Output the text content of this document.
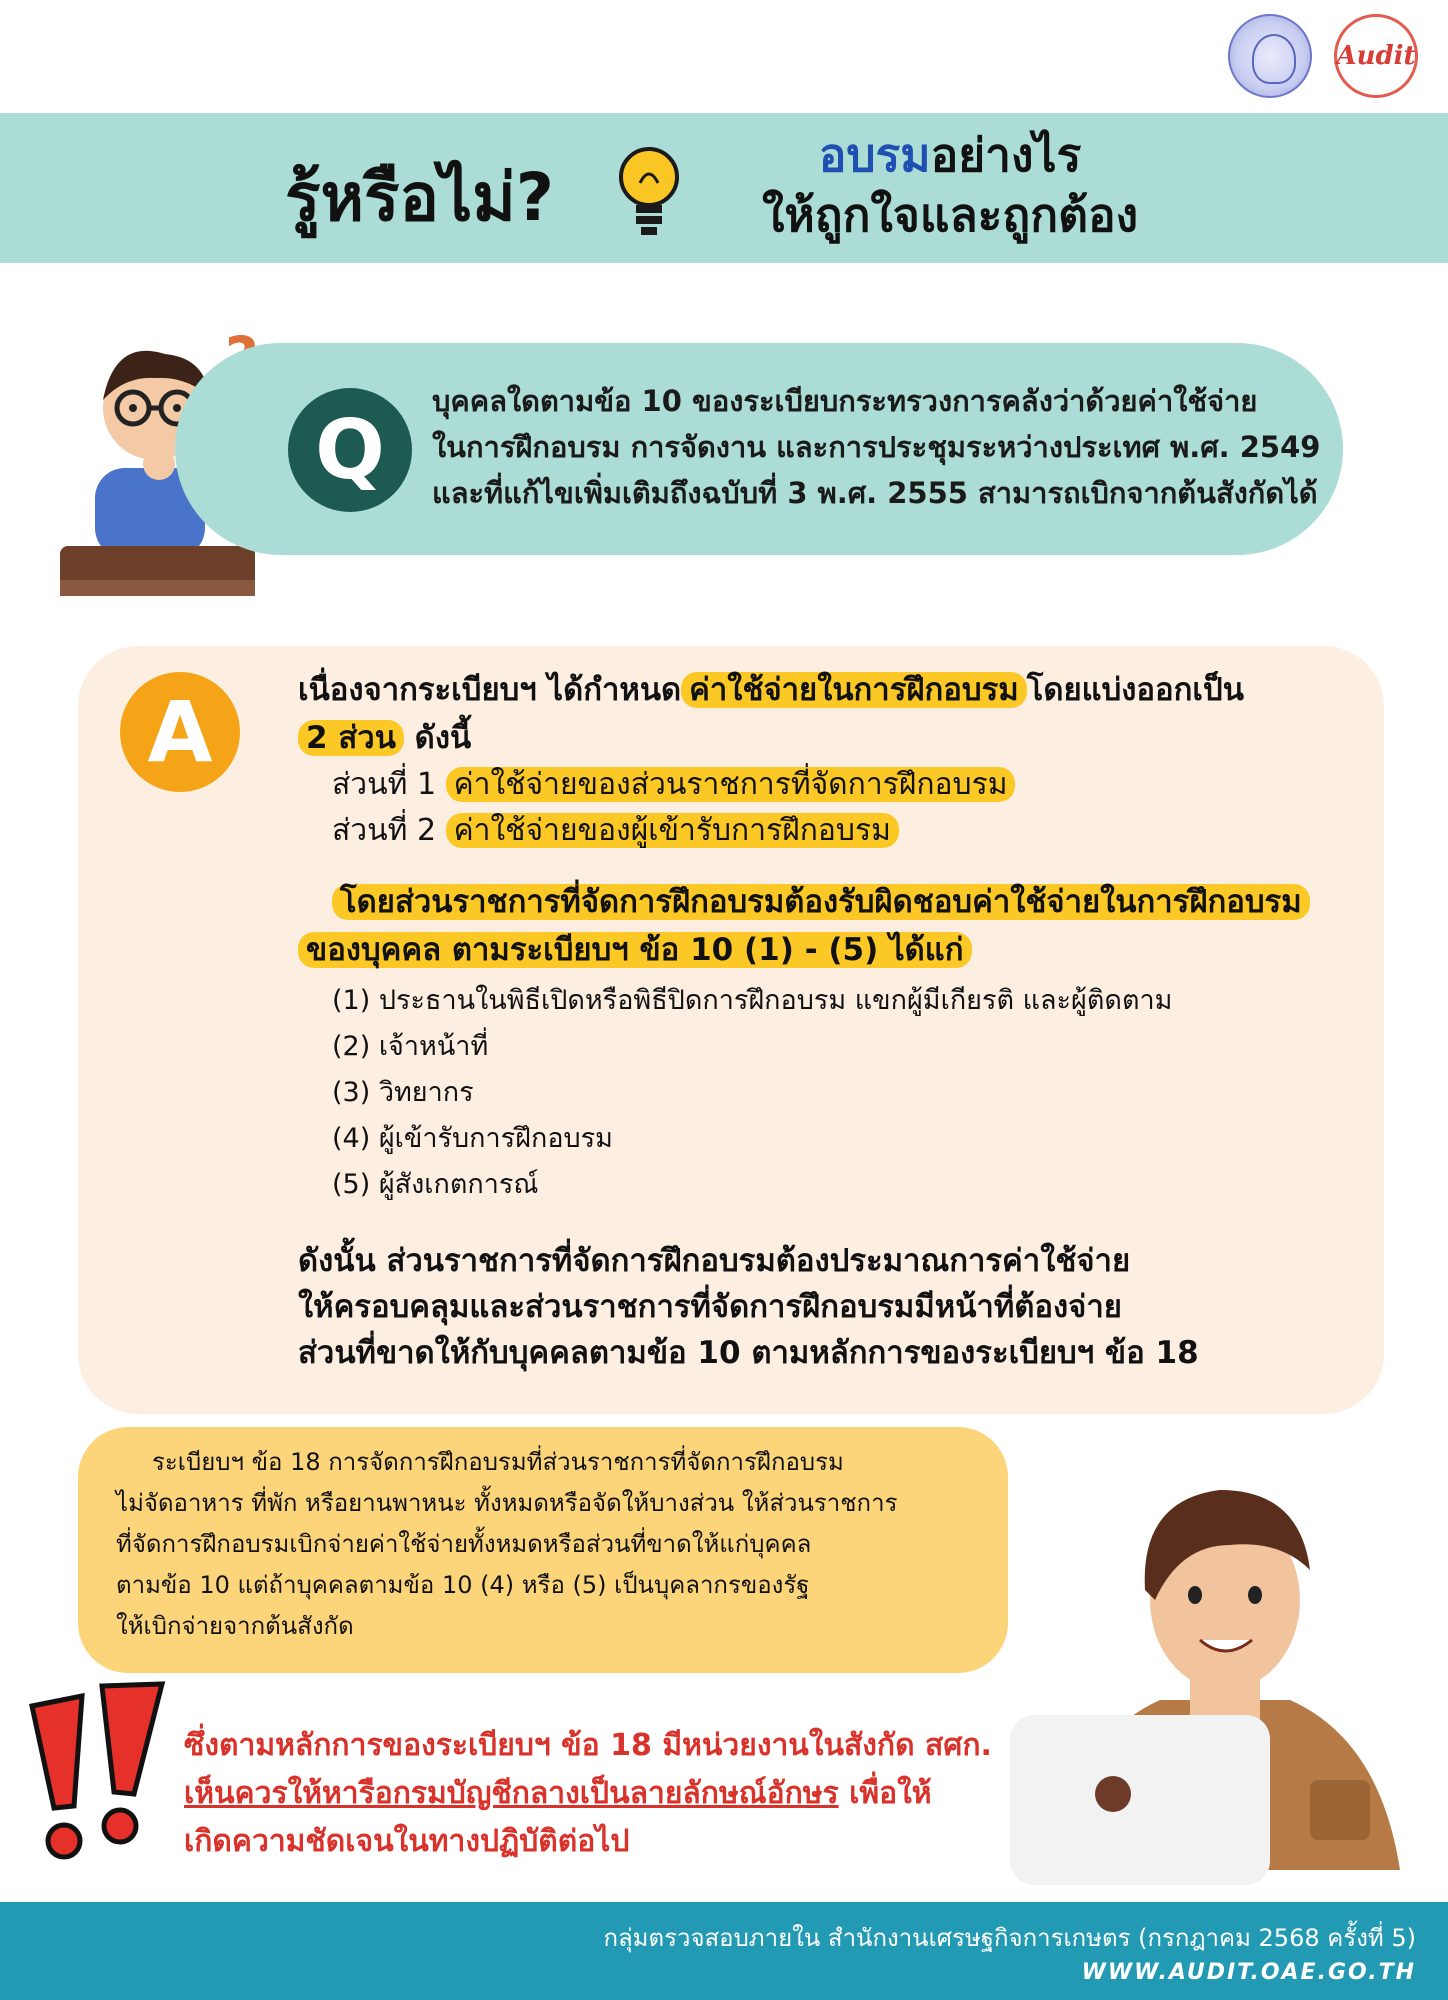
Audit
รู้หรือไม่?
อบรมอย่างไร
ให้ถูกใจและถูกต้อง
Q
บุคคลใดตามข้อ 10 ของระเบียบกระทรวงการคลังว่าด้วยค่าใช้จ่าย
ในการฝึกอบรม การจัดงาน และการประชุมระหว่างประเทศ พ.ศ. 2549
และที่แก้ไขเพิ่มเติมถึงฉบับที่ 3 พ.ศ. 2555 สามารถเบิกจากต้นสังกัดได้
A	เนื่องจากระเบียบฯ ได้กำหนด ค่าใช้จ่ายในการฝึกอบรม โดยแบ่งออกเป็น
2 ส่วน ดังนี้
ส่วนที่ 1 ค่าใช้จ่ายของส่วนราชการที่จัดการฝึกอบรม
ส่วนที่ 2 ค่าใช้จ่ายของผู้เข้ารับการฝึกอบรม
โดยส่วนราชการที่จัดการฝึกอบรมต้องรับผิดชอบค่าใช้จ่ายในการฝึกอบรม
ของบุคคล ตามระเบียบฯ ข้อ 10 (1) - (5) ได้แก่
(1) ประธานในพิธีเปิดหรือพิธีปิดการฝึกอบรม แขกผู้มีเกียรติ และผู้ติดตาม
(2) เจ้าหน้าที่
(3) วิทยากร
(4) ผู้เข้ารับการฝึกอบรม
(5) ผู้สังเกตการณ์
ดังนั้น ส่วนราชการที่จัดการฝึกอบรมต้องประมาณการค่าใช้จ่าย
ให้ครอบคลุมและส่วนราชการที่จัดการฝึกอบรมมีหน้าที่ต้องจ่าย
ส่วนที่ขาดให้กับบุคคลตามข้อ 10 ตามหลักการของระเบียบฯ ข้อ 18
ระเบียบฯ ข้อ 18 การจัดการฝึกอบรมที่ส่วนราชการที่จัดการฝึกอบรม
ไม่จัดอาหาร ที่พัก หรือยานพาหนะ ทั้งหมดหรือจัดให้บางส่วน ให้ส่วนราชการ
ที่จัดการฝึกอบรมเบิกจ่ายค่าใช้จ่ายทั้งหมดหรือส่วนที่ขาดให้แก่บุคคล
ตามข้อ 10 แต่ถ้าบุคคลตามข้อ 10 (4) หรือ (5) เป็นบุคลากรของรัฐ
ให้เบิกจ่ายจากต้นสังกัด
ซึ่งตามหลักการของระเบียบฯ ข้อ 18 มีหน่วยงานในสังกัด สศก.
เห็นควรให้หารือกรมบัญชีกลางเป็นลายลักษณ์อักษร เพื่อให้
เกิดความชัดเจนในทางปฏิบัติต่อไป
กลุ่มตรวจสอบภายใน สำนักงานเศรษฐกิจการเกษตร (กรกฎาคม 2568 ครั้งที่ 5)
WWW.AUDIT.OAE.GO.TH
